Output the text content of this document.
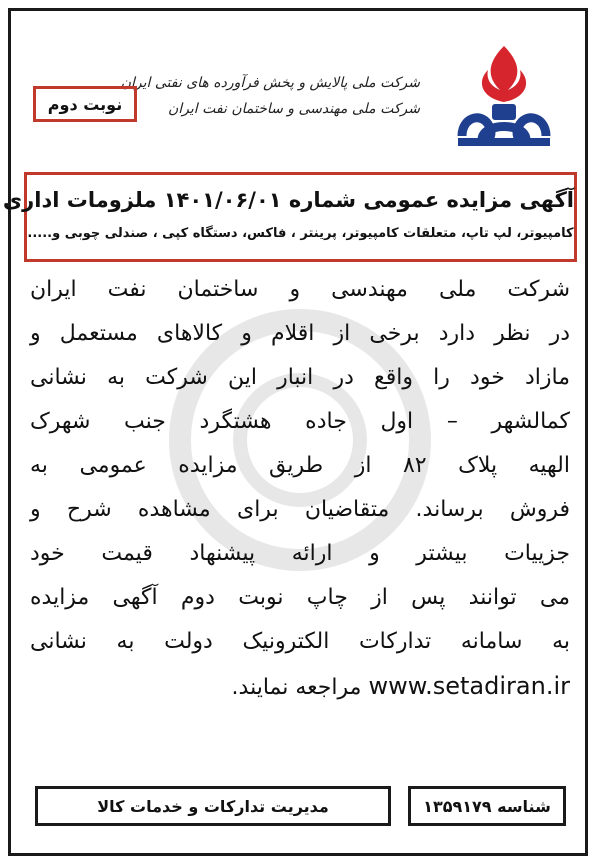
شرکت ملی پالایش و پخش فرآورده های نفتی ایران
شرکت ملی مهندسی و ساختمان نفت ایران
نوبت دوم
آگهی مزایده عمومی شماره ۱۴۰۱/۰۶/۰۱ ملزومات اداری
کامپیوتر، لپ تاپ، متعلقات کامپیوتر، پرینتر ، فاکس، دستگاه کپی ، صندلی چوبی و.....
شرکت ملی مهندسی و ساختمان نفت ایران
در نظر دارد برخی از اقلام و کالاهای مستعمل و
مازاد خود را واقع در انبار این شرکت به نشانی
کمالشهر – اول جاده هشتگرد جنب شهرک
الهیه پلاک ۸۲ از طریق مزایده عمومی به
فروش برساند. متقاضیان برای مشاهده شرح و
جزییات بیشتر و ارائه پیشنهاد قیمت خود
می توانند پس از چاپ نوبت دوم آگهی مزایده
به سامانه تدارکات الکترونیک دولت به نشانی
www.setadiran.ir مراجعه نمایند.
مدیریت تدارکات و خدمات کالا	شناسه

۱۳۵۹۱۷۹
